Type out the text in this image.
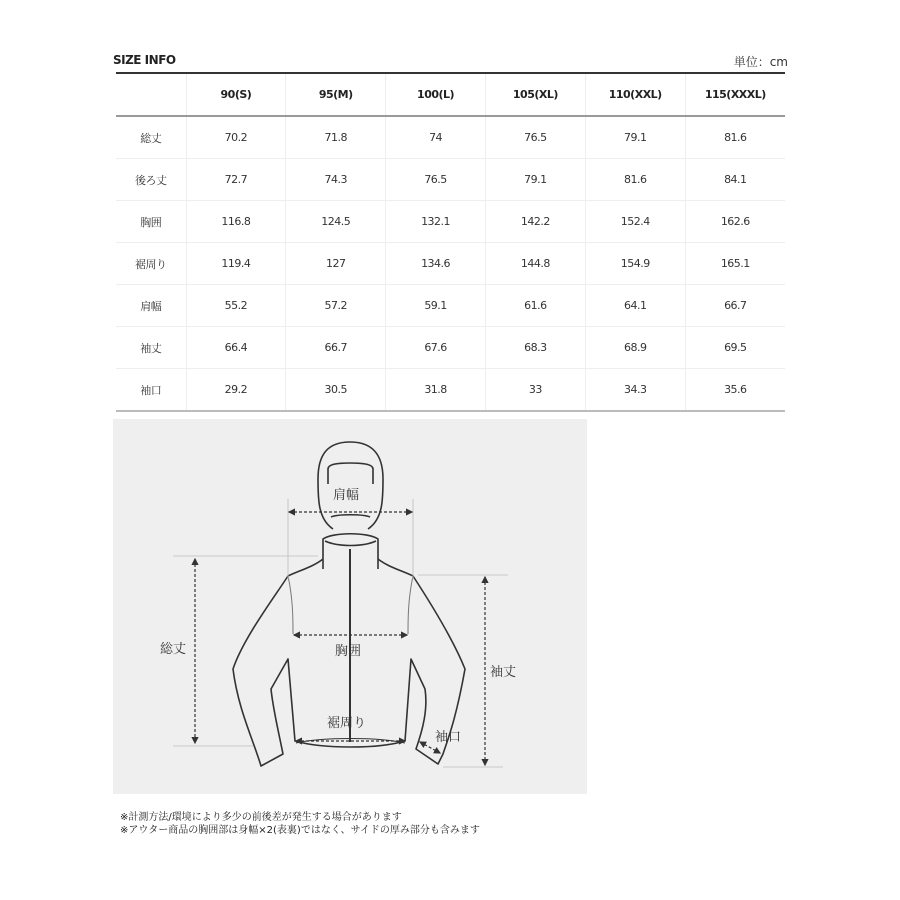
SIZE INFO	単位：cm
	90(S)	95(M)	100(L)	105(XL)	110(XXL)	115(XXXL)
総丈	70.2	71.8	74	76.5	79.1	81.6
後ろ丈	72.7	74.3	76.5	79.1	81.6	84.1
胸囲	116.8	124.5	132.1	142.2	152.4	162.6
裾周り	119.4	127	134.6	144.8	154.9	165.1
肩幅	55.2	57.2	59.1	61.6	64.1	66.7
袖丈	66.4	66.7	67.6	68.3	68.9	69.5
袖口	29.2	30.5	31.8	33	34.3	35.6
肩幅
総丈	胸囲
裾周り
袖丈
袖口
※計測方法/環境により多少の前後差が発生する場合があります
※アウター商品の胸囲部は身幅×2(表裏)ではなく、サイドの厚み部分も含みます
